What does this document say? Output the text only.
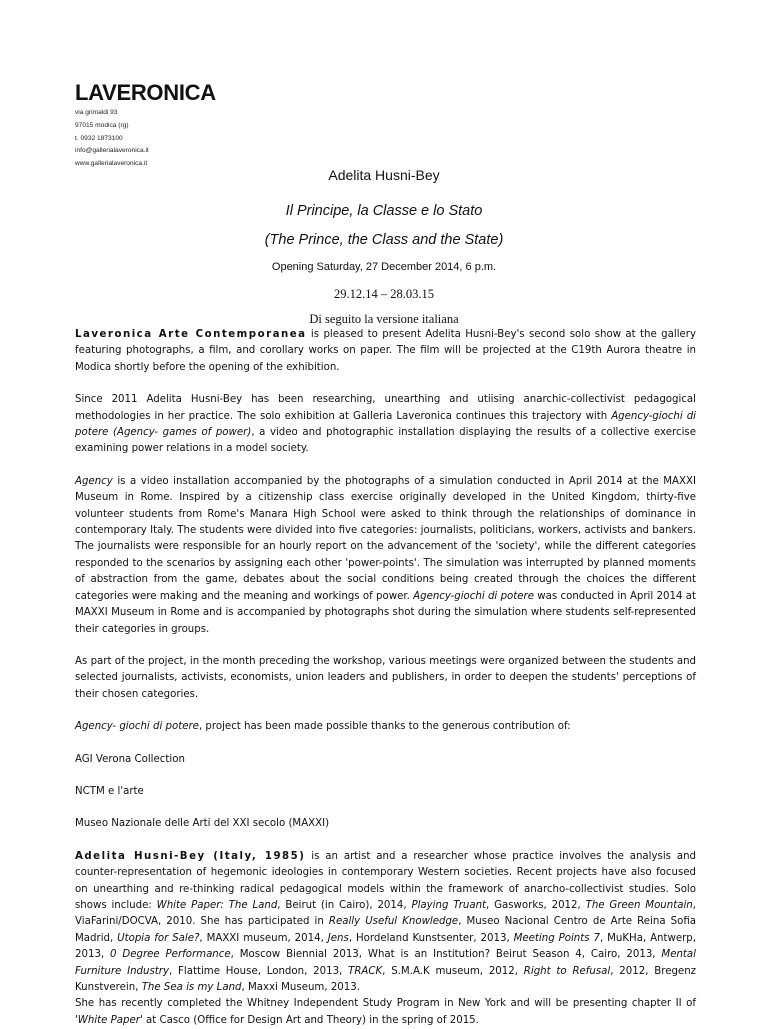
LAVERONICA
via grimaldi 93
97015 modica (rg)
t. 0932 1873100
info@gallerialaveronica.it
www.gallerialaveronica.it
Adelita Husni-Bey
Il Principe, la Classe e lo Stato
(The Prince, the Class and the State)
Opening Saturday, 27 December 2014, 6 p.m.
29.12.14 – 28.03.15
Di seguito la versione italiana

Laveronica Arte Contemporanea is pleased to present Adelita Husni-Bey's second solo show at the gallery featuring photographs, a film, and corollary works on paper. The film will be projected at the C19th Aurora theatre in Modica shortly before the opening of the exhibition.

Since 2011 Adelita Husni-Bey has been researching, unearthing and utiising anarchic-collectivist pedagogical methodologies in her practice. The solo exhibition at Galleria Laveronica continues this trajectory with Agency-giochi di potere (Agency- games of power), a video and photographic installation displaying the results of a collective exercise examining power relations in a model society.

Agency is a video installation accompanied by the photographs of a simulation conducted in April 2014 at the MAXXI Museum in Rome. Inspired by a citizenship class exercise originally developed in the United Kingdom, thirty-five volunteer students from Rome's Manara High School were asked to think through the relationships of dominance in contemporary Italy. The students were divided into five categories: journalists, politicians, workers, activists and bankers. The journalists were responsible for an hourly report on the advancement of the 'society', while the different categories responded to the scenarios by assigning each other 'power-points'. The simulation was interrupted by planned moments of abstraction from the game, debates about the social conditions being created through the choices the different categories were making and the meaning and workings of power. Agency-giochi di potere was conducted in April 2014 at MAXXI Museum in Rome and is accompanied by photographs shot during the simulation where students self-represented their categories in groups.

As part of the project, in the month preceding the workshop, various meetings were organized between the students and selected journalists, activists, economists, union leaders and publishers, in order to deepen the students' perceptions of their chosen categories.

Agency- giochi di potere, project has been made possible thanks to the generous contribution of:

AGI Verona Collection

NCTM e l'arte

Museo Nazionale delle Arti del XXI secolo (MAXXI)

Adelita Husni-Bey (Italy, 1985) is an artist and a researcher whose practice involves the analysis and counter-representation of hegemonic ideologies in contemporary Western societies. Recent projects have also focused on unearthing and re-thinking radical pedagogical models within the framework of anarcho-collectivist studies. Solo shows include: White Paper: The Land, Beirut (in Cairo), 2014, Playing Truant, Gasworks, 2012, The Green Mountain, ViaFarini/DOCVA, 2010. She has participated in Really Useful Knowledge, Museo Nacional Centro de Arte Reina Sofia Madrid, Utopia for Sale?, MAXXI museum, 2014, Jens, Hordeland Kunstsenter, 2013, Meeting Points 7, MuKHa, Antwerp, 2013, 0 Degree Performance, Moscow Biennial 2013, What is an Institution? Beirut Season 4, Cairo, 2013, Mental Furniture Industry, Flattime House, London, 2013, TRACK, S.M.A.K museum, 2012, Right to Refusal, 2012, Bregenz Kunstverein, The Sea is my Land, Maxxi Museum, 2013.

She has recently completed the Whitney Independent Study Program in New York and will be presenting chapter II of 'White Paper' at Casco (Office for Design Art and Theory) in the spring of 2015.
